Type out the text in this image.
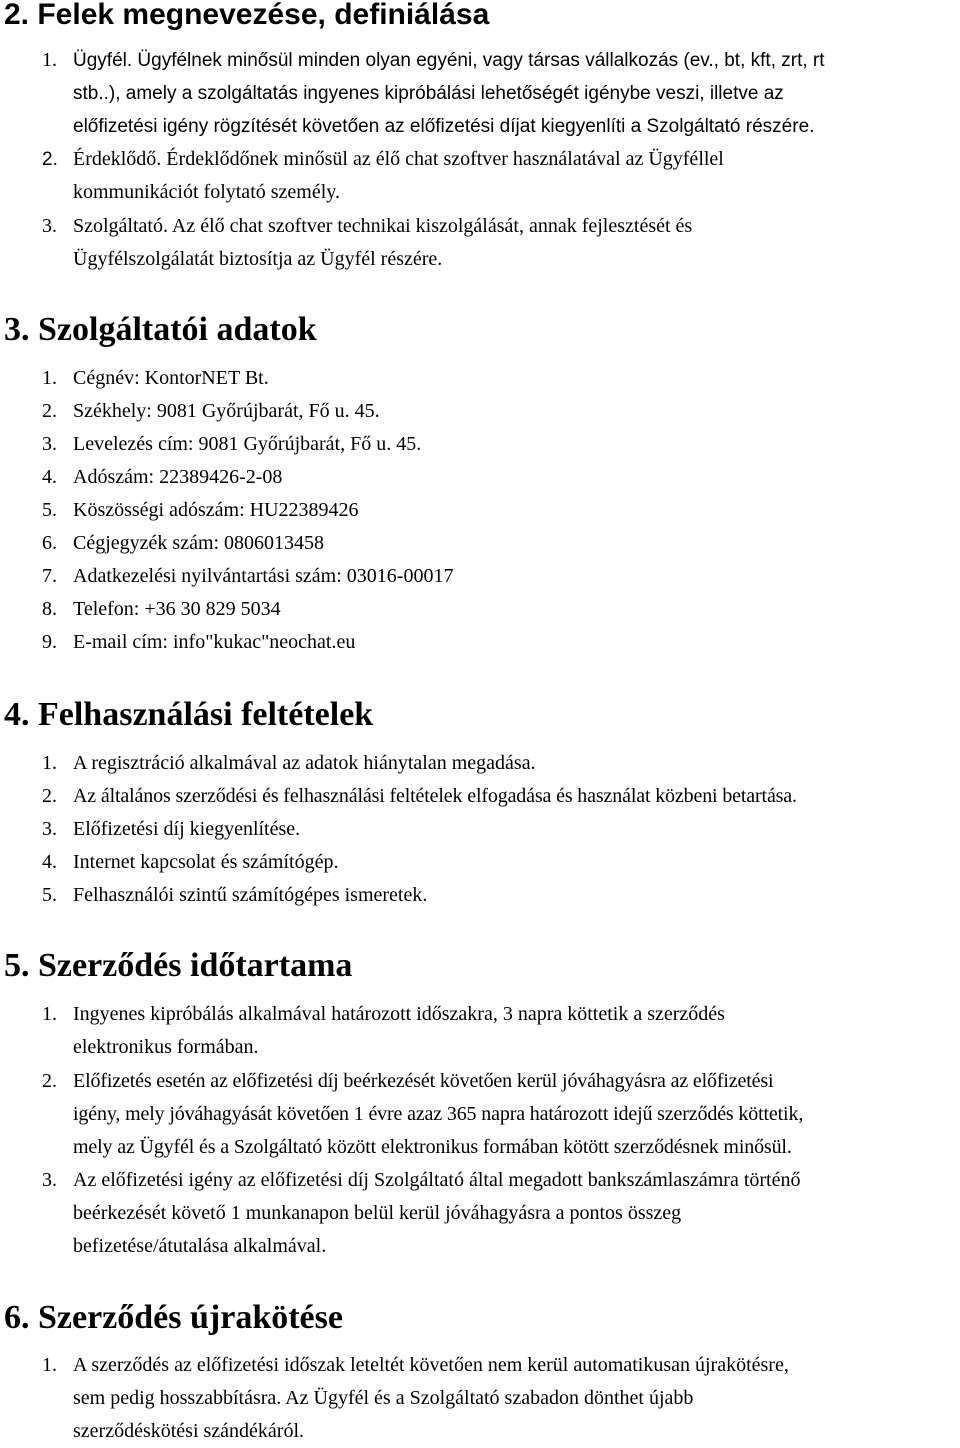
2. Felek megnevezése, definiálása
1. Ügyfél. Ügyfélnek minősül minden olyan egyéni, vagy társas vállalkozás (ev., bt, kft, zrt, rt
stb..), amely a szolgáltatás ingyenes kipróbálási lehetőségét igénybe veszi, illetve az
előfizetési igény rögzítését követően az előfizetési díjat kiegyenlíti a Szolgáltató részére.
2. Érdeklődő. Érdeklődőnek minősül az élő chat szoftver használatával az Ügyféllel
kommunikációt folytató személy.
3. Szolgáltató. Az élő chat szoftver technikai kiszolgálását, annak fejlesztését és
Ügyfélszolgálatát biztosítja az Ügyfél részére.
3. Szolgáltatói adatok
1. Cégnév: KontorNET Bt.
2. Székhely: 9081 Győrújbarát, Fő u. 45.
3. Levelezés cím: 9081 Győrújbarát, Fő u. 45.
4. Adószám: 22389426-2-08
5. Köszösségi adószám: HU22389426
6. Cégjegyzék szám: 0806013458
7. Adatkezelési nyilvántartási szám: 03016-00017
8. Telefon: +36 30 829 5034
9. E-mail cím: info"kukac"neochat.eu
4. Felhasználási feltételek
1. A regisztráció alkalmával az adatok hiánytalan megadása.
2. Az általános szerződési és felhasználási feltételek elfogadása és használat közbeni betartása.
3. Előfizetési díj kiegyenlítése.
4. Internet kapcsolat és számítógép.
5. Felhasználói szintű számítógépes ismeretek.
5. Szerződés időtartama
1. Ingyenes kipróbálás alkalmával határozott időszakra, 3 napra köttetik a szerződés
elektronikus formában.
2. Előfizetés esetén az előfizetési díj beérkezését követően kerül jóváhagyásra az előfizetési
igény, mely jóváhagyását követően 1 évre azaz 365 napra határozott idejű szerződés köttetik,
mely az Ügyfél és a Szolgáltató között elektronikus formában kötött szerződésnek minősül.
3. Az előfizetési igény az előfizetési díj Szolgáltató által megadott bankszámlaszámra történő
beérkezését követő 1 munkanapon belül kerül jóváhagyásra a pontos összeg
befizetése/átutalása alkalmával.
6. Szerződés újrakötése
1. A szerződés az előfizetési időszak leteltét követően nem kerül automatikusan újrakötésre,
sem pedig hosszabbításra. Az Ügyfél és a Szolgáltató szabadon dönthet újabb
szerződéskötési szándékáról.
